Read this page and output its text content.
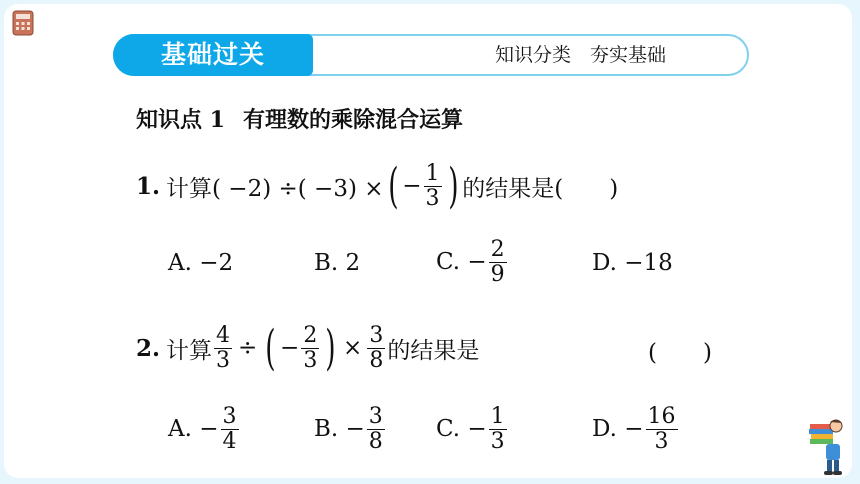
基础过关	知识分类　夯实基础
知识点 1 有理数的乘除混合运算
1. 计算( −2) ÷( −3) × ( − $\frac{1}{3}$ ) 的结果是(　　)
A. −2	B. 2	C. − $\frac{2}{9}$	D. −18
2. 计算 $\frac{4}{3}$ ÷ ( − $\frac{2}{3}$ ) × $\frac{3}{8}$ 的结果是	(　　)
A. − $\frac{3}{4}$	B. − $\frac{3}{8} C$. − $\frac{1}{3}$	D. − $\frac{16}{3}$
